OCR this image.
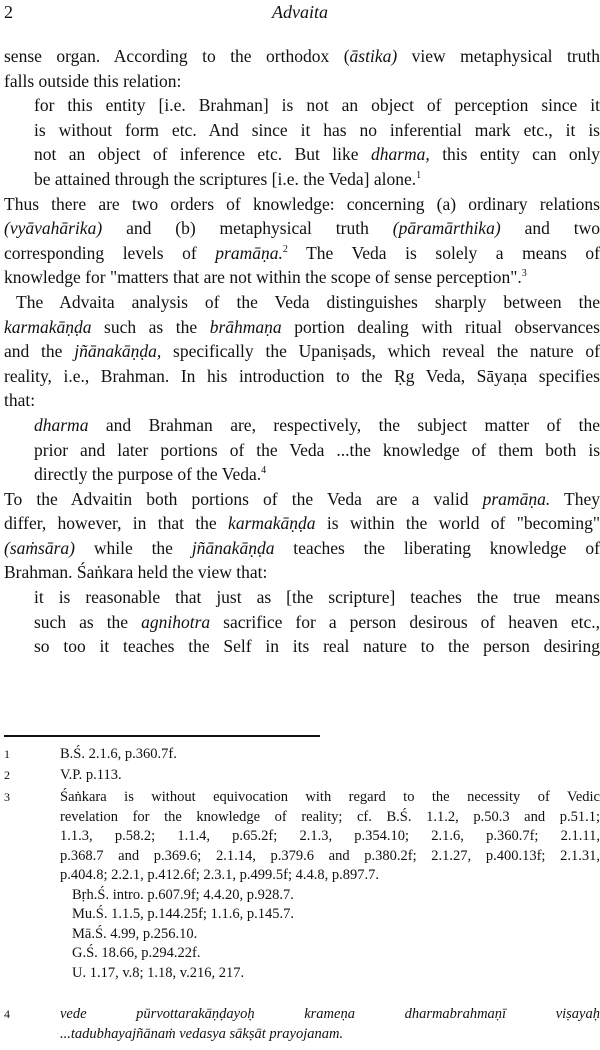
2	Advaita
sense organ. According to the orthodox (āstika) view metaphysical truth
falls outside this relation:
for this entity [i.e. Brahman] is not an object of perception since it
is without form etc. And since it has no inferential mark etc., it is
not an object of inference etc. But like dharma, this entity can only
be attained through the scriptures [i.e. the Veda] alone.$^1$
Thus there are two orders of knowledge: concerning (a) ordinary relations
(vyāvahārika) and (b) metaphysical truth (pāramārthika) and two
corresponding levels of pramāṇa.$^2$ The Veda is solely a means of
knowledge for "matters that are not within the scope of sense perception".$^3$
The Advaita analysis of the Veda distinguishes sharply between the
karmakāṇḍa such as the brāhmaṇa portion dealing with ritual observances
and the jñānakāṇḍa, specifically the Upaniṣads, which reveal the nature of
reality, i.e., Brahman. In his introduction to the Ṛg Veda, Sāyaṇa specifies
that:
dharma and Brahman are, respectively, the subject matter of the
prior and later portions of the Veda ...the knowledge of them both is
directly the purpose of the Veda.$^4$
To the Advaitin both portions of the Veda are a valid pramāṇa. They
differ, however, in that the karmakāṇḍa is within the world of "becoming"
(saṁsāra) while the jñānakāṇḍa teaches the liberating knowledge of
Brahman. Śaṅkara held the view that:
it is reasonable that just as [the scripture] teaches the true means
such as the agnihotra sacrifice for a person desirous of heaven etc.,
so too it teaches the Self in its real nature to the person desiring
1	B.Ś. 2.1.6, p.360.7f.
2	V.P. p.113.
3	Śaṅkara is without equivocation with regard to the necessity of Vedic
revelation for the knowledge of reality; cf. B.Ś. 1.1.2, p.50.3 and p.51.1;
1.1.3, p.58.2; 1.1.4, p.65.2f; 2.1.3, p.354.10; 2.1.6, p.360.7f; 2.1.11,
p.368.7 and p.369.6; 2.1.14, p.379.6 and p.380.2f; 2.1.27, p.400.13f; 2.1.31,
p.404.8; 2.2.1, p.412.6f; 2.3.1, p.499.5f; 4.4.8, p.897.7.
Bṛh.Ś. intro. p.607.9f; 4.4.20, p.928.7.
Mu.Ś. 1.1.5, p.144.25f; 1.1.6, p.145.7.
Mā.Ś. 4.99, p.256.10.
G.Ś. 18.66, p.294.22f.
U. 1.17, v.8; 1.18, v.216, 217.
4	vede pūrvottarakāṇḍayoḥ krameṇa dharmabrahmaṇī viṣayaḥ
...tadubhayajñānaṁ vedasya sākṣāt prayojanam.
